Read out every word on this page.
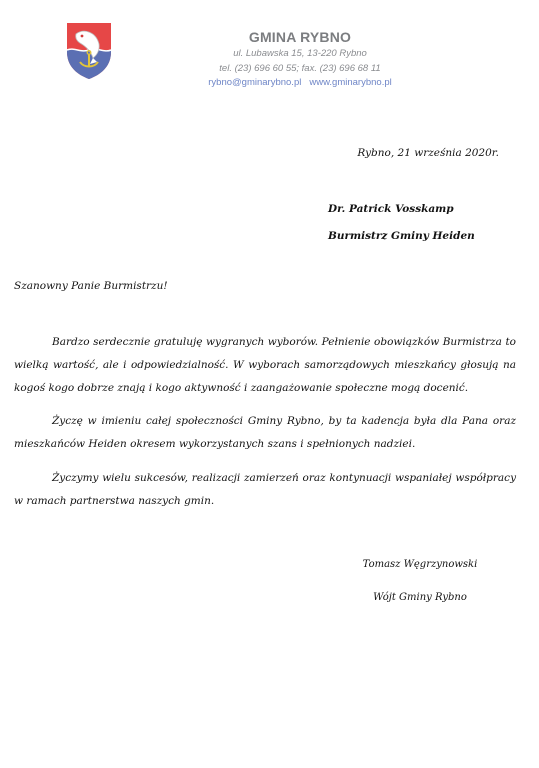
GMINA RYBNO
ul. Lubawska 15, 13-220 Rybno
tel. (23) 696 60 55; fax. (23) 696 68 11
rybno@gminarybno.pl www.gminarybno.pl
Rybno, 21 września 2020r.
Dr. Patrick Vosskamp
Burmistrz Gminy Heiden
Szanowny Panie Burmistrzu!
Bardzo serdecznie gratuluję wygranych wyborów. Pełnienie obowiązków Burmistrza to wielką wartość, ale i odpowiedzialność. W wyborach samorządowych mieszkańcy głosują na kogoś kogo dobrze znają i kogo aktywność i zaangażowanie społeczne mogą docenić.
Życzę w imieniu całej społeczności Gminy Rybno, by ta kadencja była dla Pana oraz mieszkańców Heiden okresem wykorzystanych szans i spełnionych nadziei.
Życzymy wielu sukcesów, realizacji zamierzeń oraz kontynuacji wspaniałej współpracy w ramach partnerstwa naszych gmin.
Tomasz Węgrzynowski
Wójt Gminy Rybno
